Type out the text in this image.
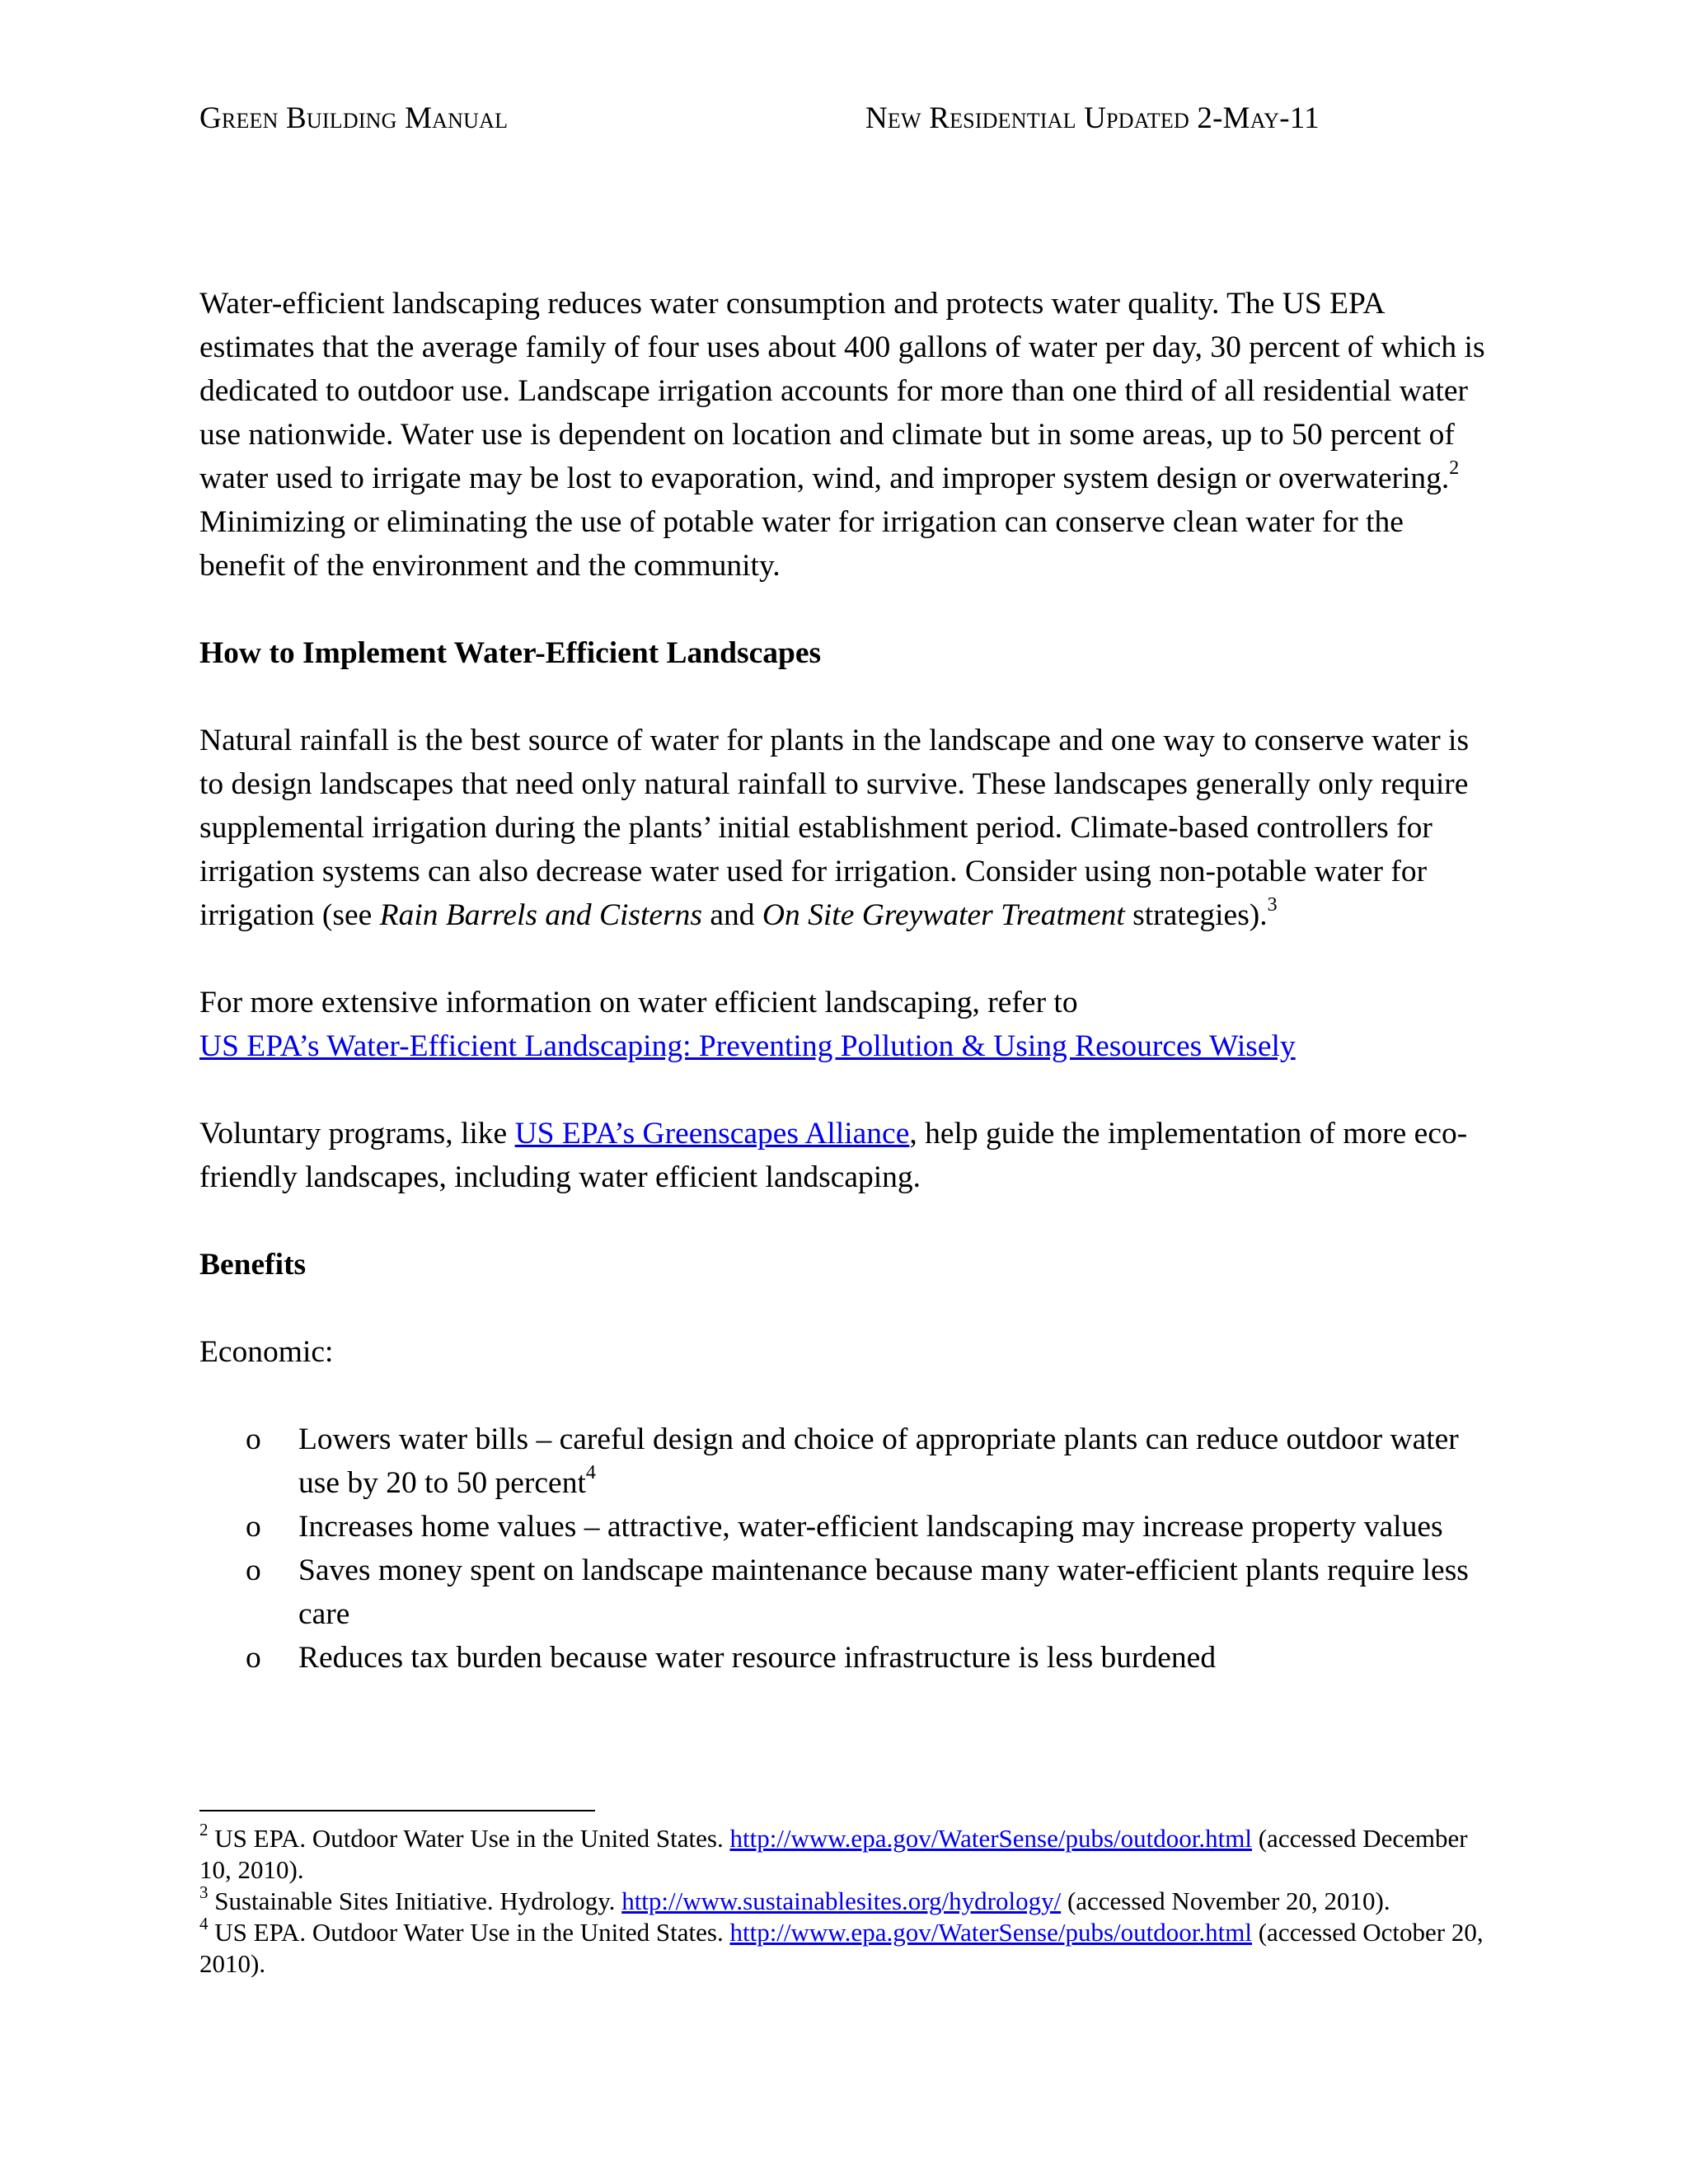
Green Building Manual	New Residential Updated 2-May-11

Water-efficient landscaping reduces water consumption and protects water quality. The US EPA estimates that the average family of four uses about 400 gallons of water per day, 30 percent of which is dedicated to outdoor use. Landscape irrigation accounts for more than one third of all residential water use nationwide. Water use is dependent on location and climate but in some areas, up to 50 percent of water used to irrigate may be lost to evaporation, wind, and improper system design or overwatering.$^2$ Minimizing or eliminating the use of potable water for irrigation can conserve clean water for the benefit of the environment and the community.

How to Implement Water-Efficient Landscapes

Natural rainfall is the best source of water for plants in the landscape and one way to conserve water is to design landscapes that need only natural rainfall to survive. These landscapes generally only require supplemental irrigation during the plants’ initial establishment period. Climate-based controllers for irrigation systems can also decrease water used for irrigation. Consider using non-potable water for irrigation (see Rain Barrels and Cisterns and On Site Greywater Treatment strategies).$^3$

For more extensive information on water efficient landscaping, refer to
US EPA’s Water-Efficient Landscaping: Preventing Pollution & Using Resources Wisely

Voluntary programs, like US EPA’s Greenscapes Alliance, help guide the implementation of more eco-friendly landscapes, including water efficient landscaping.

Benefits

Economic:

o Lowers water bills – careful design and choice of appropriate plants can reduce outdoor water use by 20 to 50 percent$^4$
o Increases home values – attractive, water-efficient landscaping may increase property values
o Saves money spent on landscape maintenance because many water-efficient plants require less care
o Reduces tax burden because water resource infrastructure is less burdened

$^2$ US EPA. Outdoor Water Use in the United States. http://www.epa.gov/WaterSense/pubs/outdoor.html (accessed December 10, 2010).

$^3$ Sustainable Sites Initiative. Hydrology. http://www.sustainablesites.org/hydrology/ (accessed November 20, 2010).

$^4$ US EPA. Outdoor Water Use in the United States. http://www.epa.gov/WaterSense/pubs/outdoor.html (accessed October 20, 2010).
